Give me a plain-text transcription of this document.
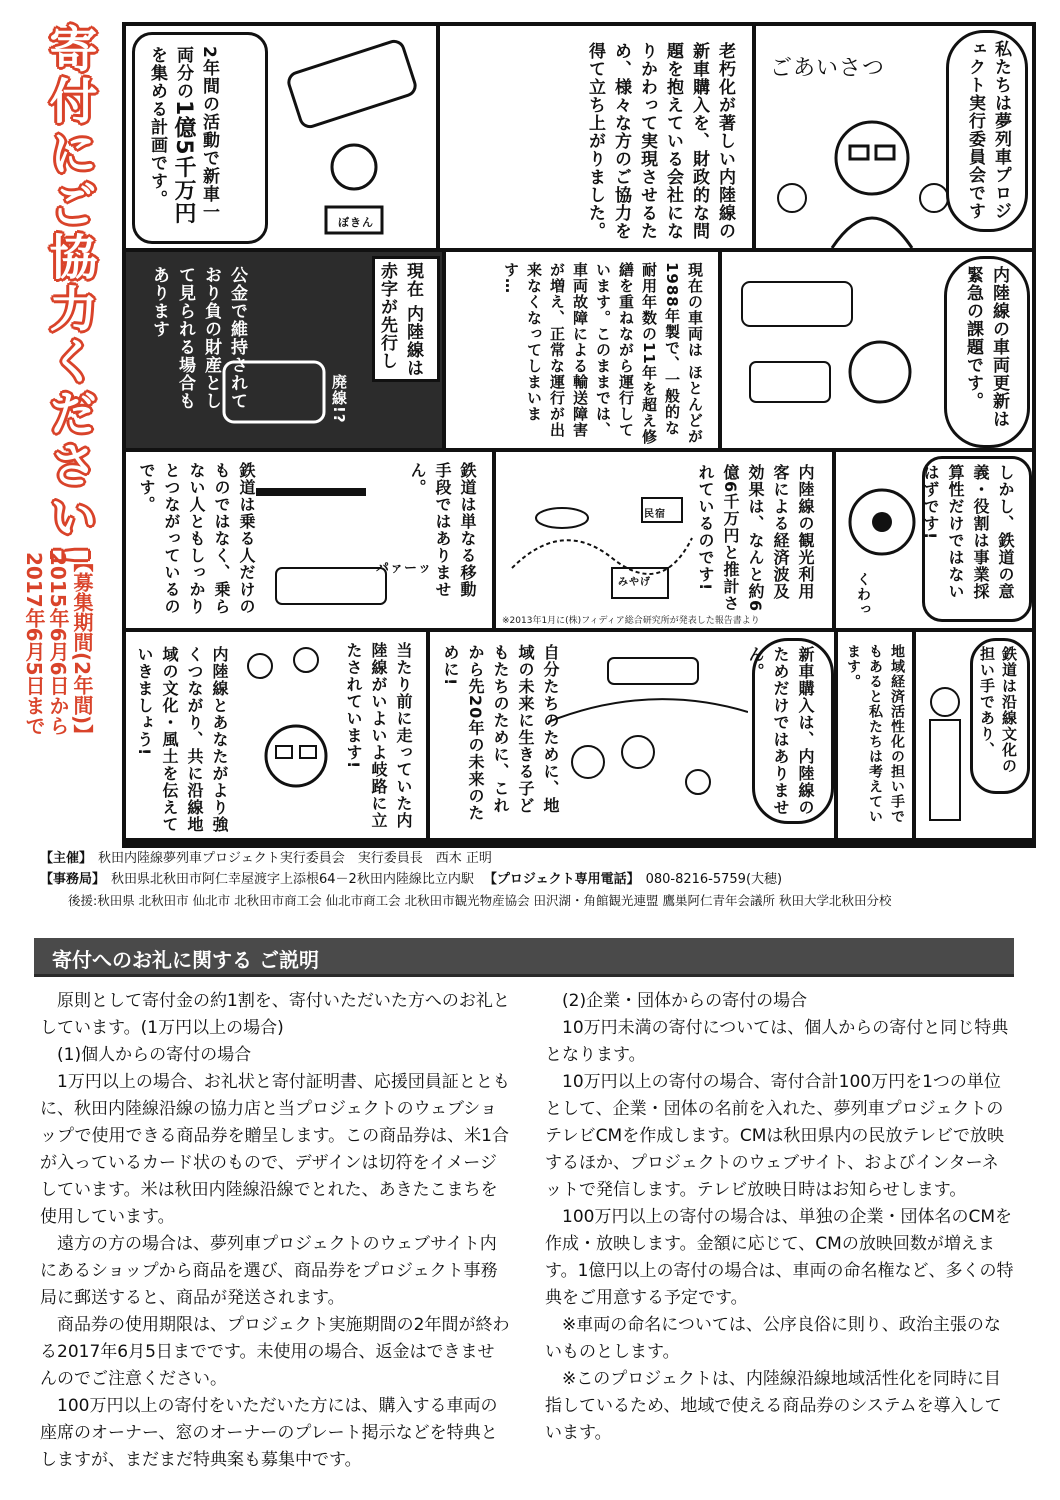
寄付にご協力ください!
【募集期間(2年間)】
2015年6月6日から
2017年6月5日まで
私たちは夢列車プロジェクト実行委員会です
ごあいさつ
老朽化が著しい内陸線の新車購入を、財政的な問題を抱えている会社になりかわって実現させるため、様々な方のご協力を得て立ち上がりました。
2年間の活動で新車一両分の1億5千万円を集める計画です。
ぼきん
内陸線の車両更新は緊急の課題です。
現在の車両は ほとんどが1988年製で、一般的な耐用年数の11年を超え修繕を重ねながら運行しています。このままでは、車両故障による輸送障害が増え、正常な運行が出来なくなってしまいます…
現在 内陸線は赤字が先行し
公金で維持されており負の財産として見られる場合もあります
廃線!?
しかし、鉄道の意義・役割は事業採算性だけではないはずです!
くわっ
内陸線の観光利用客による経済波及効果は、なんと約6億6千万円と推計されているのです!
民宿
みやげ
※2013年1月に(株)フィディア総合研究所が発表した報告書より
鉄道は単なる移動手段ではありません。
鉄道は乗る人だけのものではなく、乗らない人ともしっかりとつながっているのです。
パァーッ
鉄道は沿線文化の担い手であり、
地域経済活性化の担い手でもあると私たちは考えています。
新車購入は、内陸線のためだけではありません。
自分たちのために、地域の未来に生きる子どもたちのために、これから先20年の未来のために!
当たり前に走っていた内陸線がいよいよ岐路に立たされています!
内陸線とあなたがより強くつながり、共に沿線地域の文化・風土を伝えていきましょう!
【主催】 秋田内陸線夢列車プロジェクト実行委員会　実行委員長　西木 正明
【事務局】 秋田県北秋田市阿仁幸屋渡字上添根64－2秋田内陸線比立内駅 【プロジェクト専用電話】 080-8216-5759(大穂)
後援:秋田県 北秋田市 仙北市 北秋田市商工会 仙北市商工会 北秋田市観光物産協会 田沢湖・角館観光連盟 鷹巣阿仁青年会議所 秋田大学北秋田分校
寄付へのお礼に関する ご説明

原則として寄付金の約1割を、寄付いただいた方へのお礼としています。(1万円以上の場合)

(1)個人からの寄付の場合

1万円以上の場合、お礼状と寄付証明書、応援団員証とともに、秋田内陸線沿線の協力店と当プロジェクトのウェブショップで使用できる商品券を贈呈します。この商品券は、米1合が入っているカード状のもので、デザインは切符をイメージしています。米は秋田内陸線沿線でとれた、あきたこまちを使用しています。

遠方の方の場合は、夢列車プロジェクトのウェブサイト内にあるショップから商品を選び、商品券をプロジェクト事務局に郵送すると、商品が発送されます。

商品券の使用期限は、プロジェクト実施期間の2年間が終わる2017年6月5日までです。未使用の場合、返金はできませんのでご注意ください。

100万円以上の寄付をいただいた方には、購入する車両の座席のオーナー、窓のオーナーのプレート掲示などを特典としますが、まだまだ特典案も募集中です。

(2)企業・団体からの寄付の場合

10万円未満の寄付については、個人からの寄付と同じ特典となります。

10万円以上の寄付の場合、寄付合計100万円を1つの単位として、企業・団体の名前を入れた、夢列車プロジェクトのテレビCMを作成します。CMは秋田県内の民放テレビで放映するほか、プロジェクトのウェブサイト、およびインターネットで発信します。テレビ放映日時はお知らせします。

100万円以上の寄付の場合は、単独の企業・団体名のCMを作成・放映します。金額に応じて、CMの放映回数が増えます。1億円以上の寄付の場合は、車両の命名権など、多くの特典をご用意する予定です。

※車両の命名については、公序良俗に則り、政治主張のないものとします。

※このプロジェクトは、内陸線沿線地域活性化を同時に目指しているため、地域で使える商品券のシステムを導入しています。
